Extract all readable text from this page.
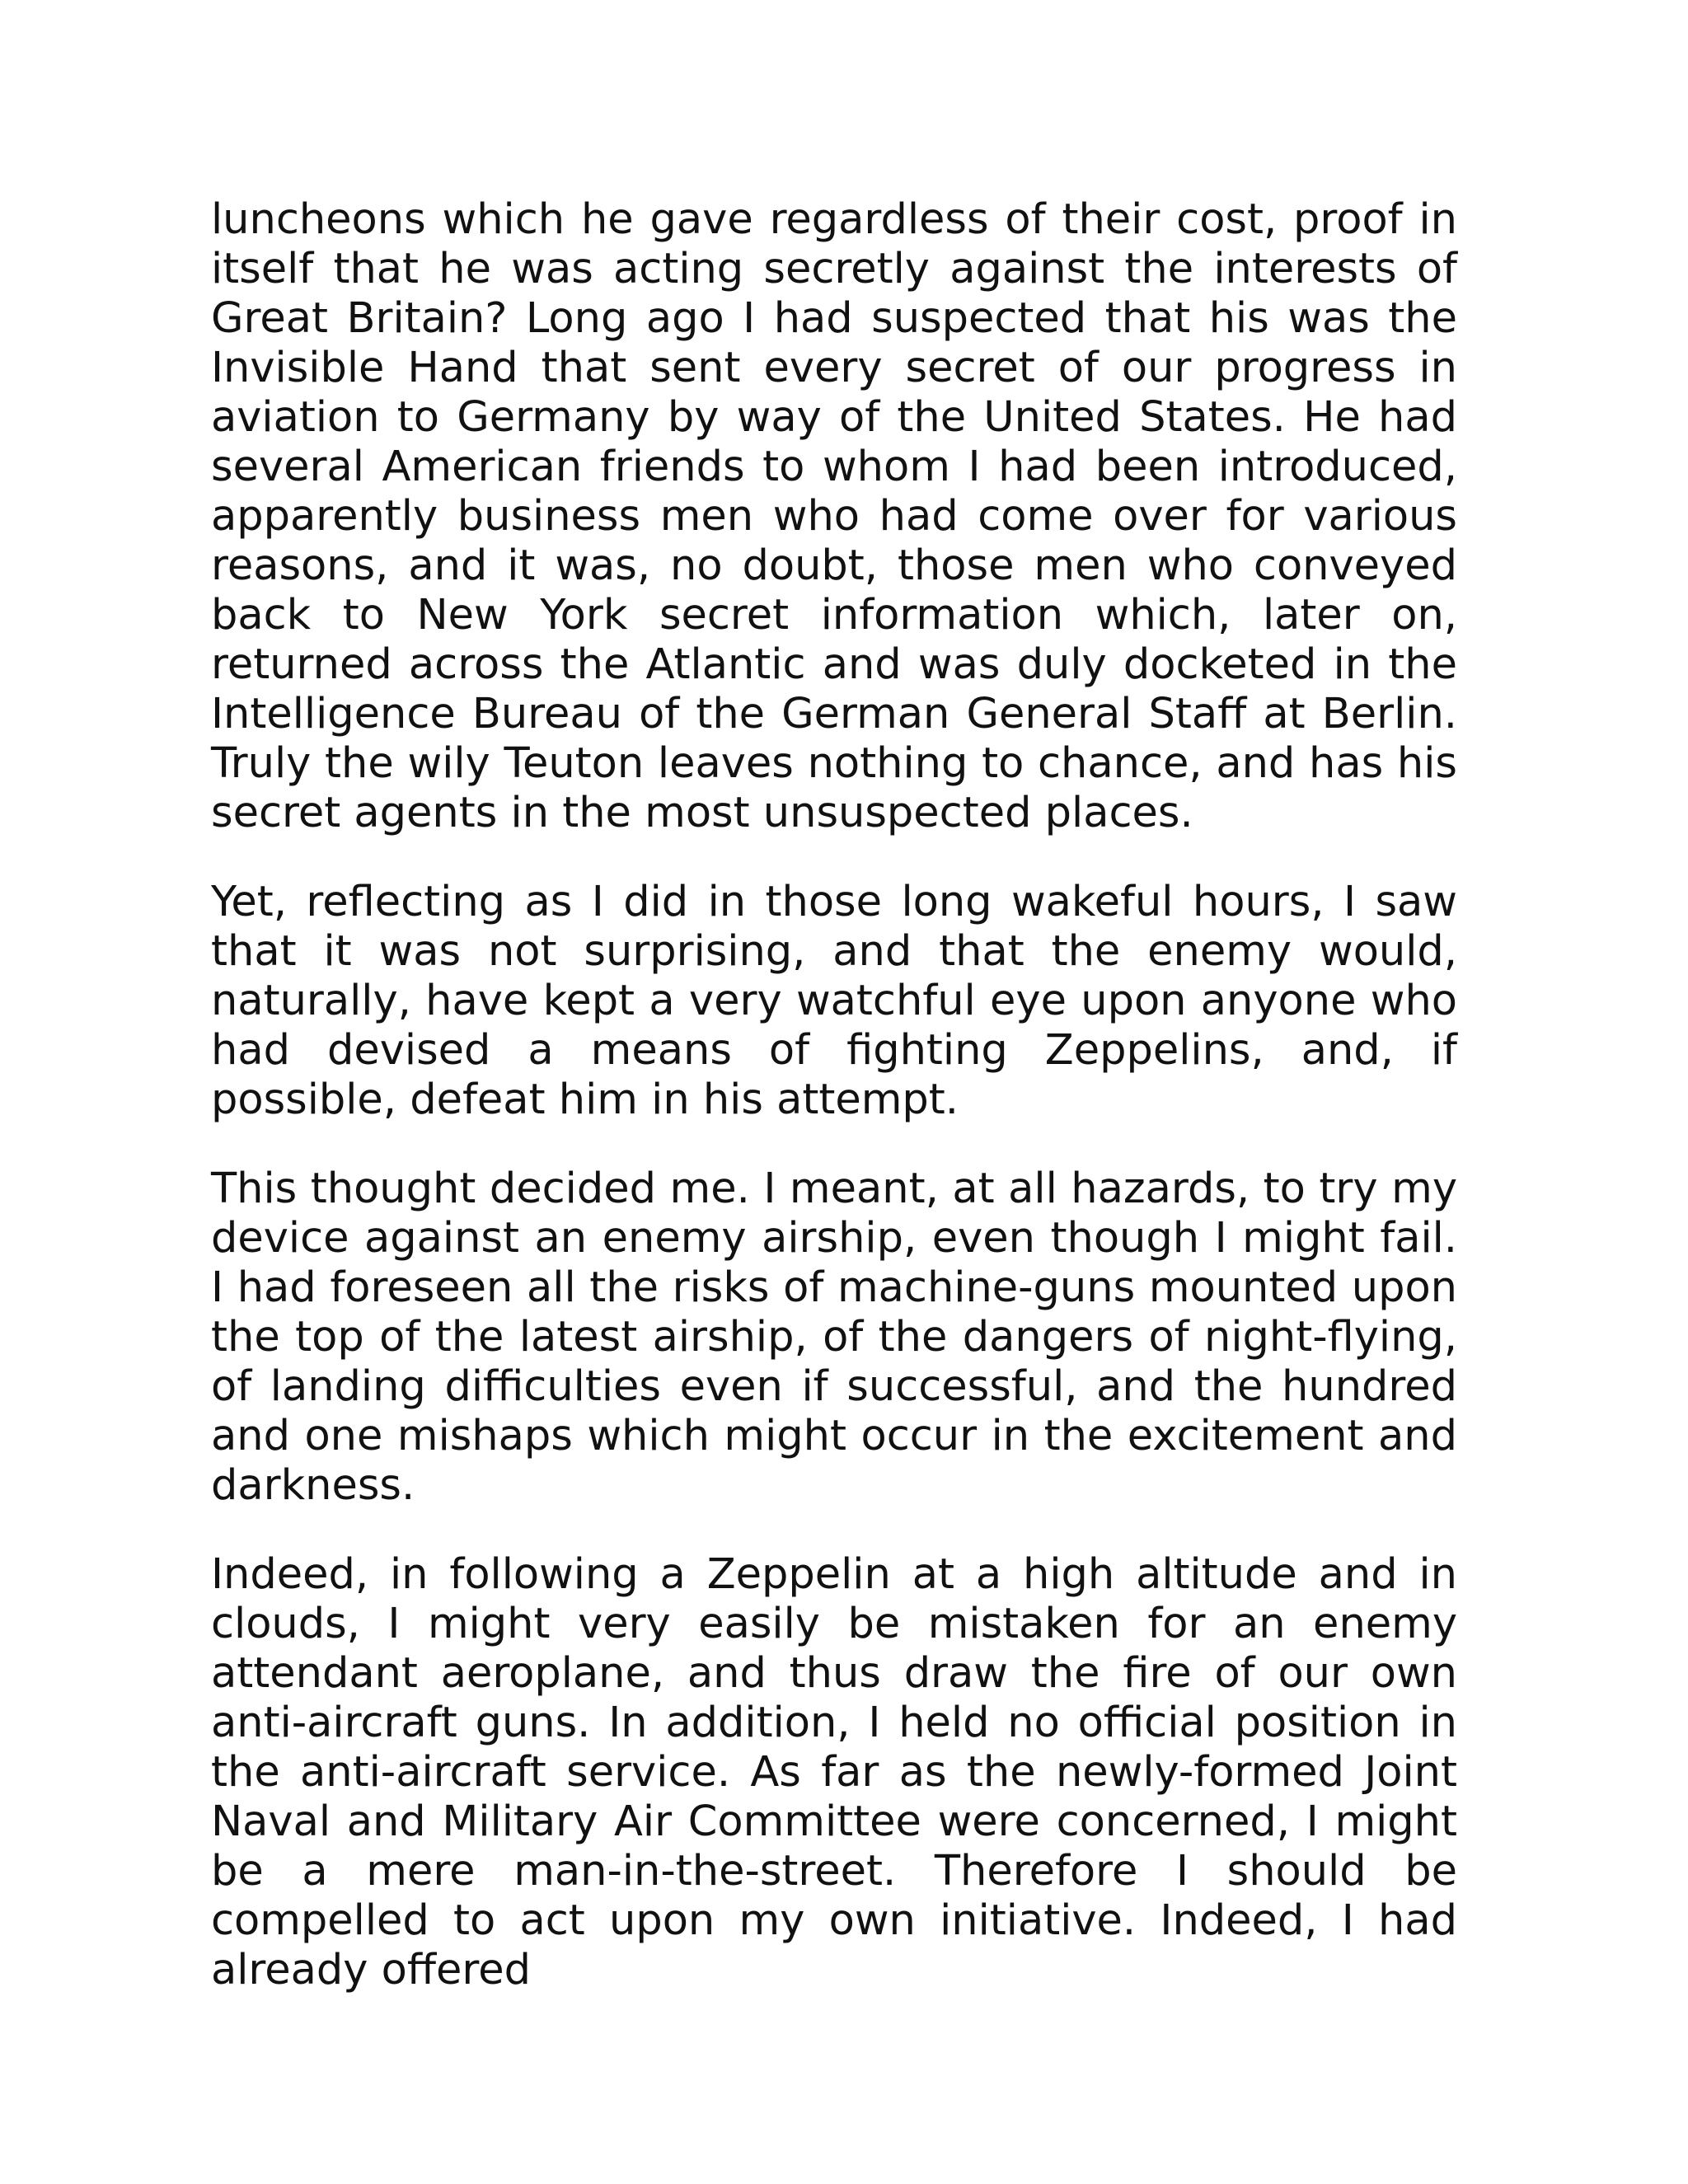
luncheons which he gave regardless of their cost, proof in itself that he was acting secretly against the interests of Great Britain? Long ago I had suspected that his was the Invisible Hand that sent every secret of our progress in aviation to Germany by way of the United States. He had several American friends to whom I had been introduced, apparently business men who had come over for various reasons, and it was, no doubt, those men who conveyed back to New York secret information which, later on, returned across the Atlantic and was duly docketed in the Intelligence Bureau of the German General Staff at Berlin. Truly the wily Teuton leaves nothing to chance, and has his secret agents in the most unsuspected places.

Yet, reflecting as I did in those long wakeful hours, I saw that it was not surprising, and that the enemy would, naturally, have kept a very watchful eye upon anyone who had devised a means of fighting Zeppelins, and, if possible, defeat him in his attempt.

This thought decided me. I meant, at all hazards, to try my device against an enemy airship, even though I might fail. I had foreseen all the risks of machine-guns mounted upon the top of the latest airship, of the dangers of night-flying, of landing difficulties even if successful, and the hundred and one mishaps which might occur in the excitement and darkness.

Indeed, in following a Zeppelin at a high altitude and in clouds, I might very easily be mistaken for an enemy attendant aeroplane, and thus draw the fire of our own anti-aircraft guns. In addition, I held no official position in the anti-aircraft service. As far as the newly-formed Joint Naval and Military Air Committee were concerned, I might be a mere man-in-the-street. Therefore I should be compelled to act upon my own initiative. Indeed, I had already offered
